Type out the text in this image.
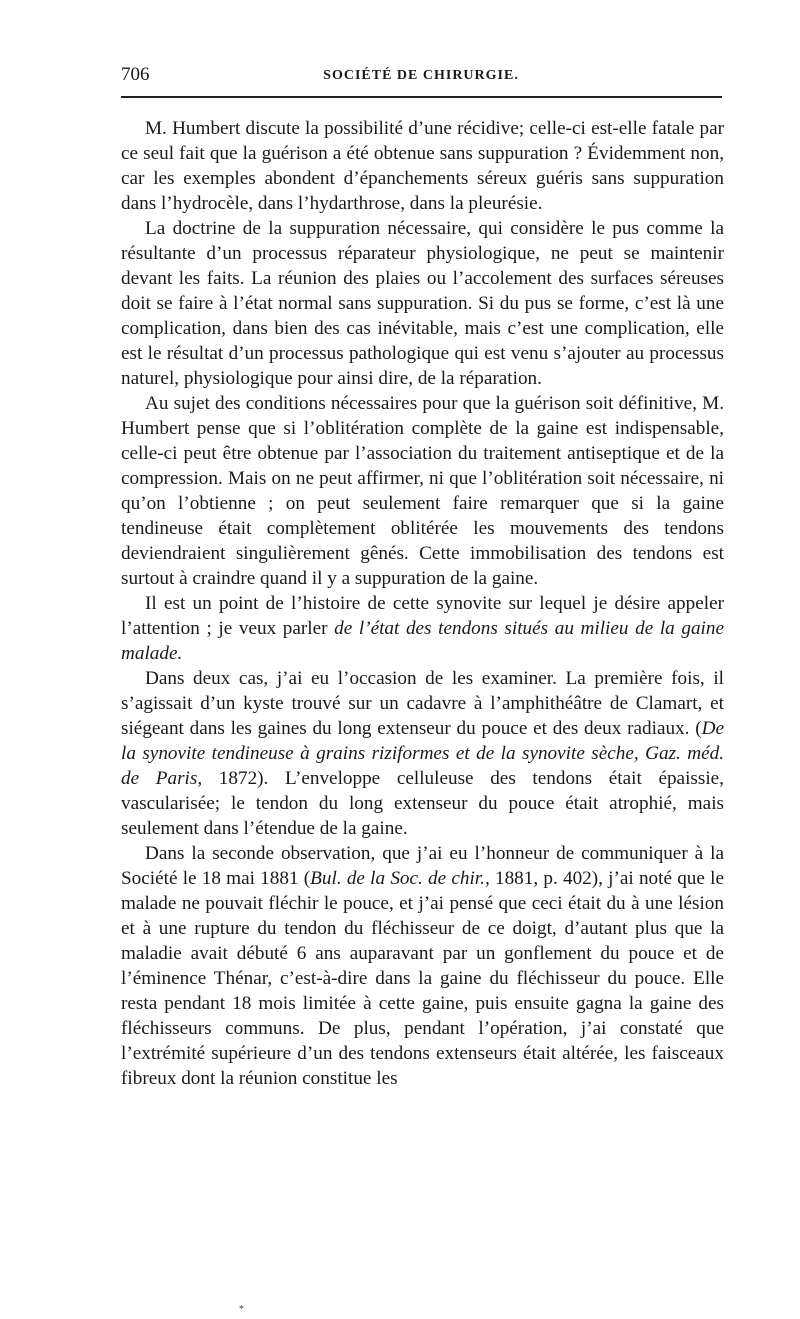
706	SOCIÉTÉ DE CHIRURGIE.

M. Humbert discute la possibilité d’une récidive; celle-ci est-elle fatale par ce seul fait que la guérison a été obtenue sans suppuration ? Évidemment non, car les exemples abondent d’épanchements séreux guéris sans suppuration dans l’hydrocèle, dans l’hydarthrose, dans la pleurésie.

La doctrine de la suppuration nécessaire, qui considère le pus comme la résultante d’un processus réparateur physiologique, ne peut se maintenir devant les faits. La réunion des plaies ou l’accolement des surfaces séreuses doit se faire à l’état normal sans suppuration. Si du pus se forme, c’est là une complication, dans bien des cas inévitable, mais c’est une complication, elle est le résultat d’un processus pathologique qui est venu s’ajouter au processus naturel, physiologique pour ainsi dire, de la réparation.

Au sujet des conditions nécessaires pour que la guérison soit définitive, M. Humbert pense que si l’oblitération complète de la gaine est indispensable, celle-ci peut être obtenue par l’association du traitement antiseptique et de la compression. Mais on ne peut affirmer, ni que l’oblitération soit nécessaire, ni qu’on l’obtienne ; on peut seulement faire remarquer que si la gaine tendineuse était complètement oblitérée les mouvements des tendons deviendraient singulièrement gênés. Cette immobilisation des tendons est surtout à craindre quand il y a suppuration de la gaine.

Il est un point de l’histoire de cette synovite sur lequel je désire appeler l’attention ; je veux parler de l’état des tendons situés au milieu de la gaine malade.

Dans deux cas, j’ai eu l’occasion de les examiner. La première fois, il s’agissait d’un kyste trouvé sur un cadavre à l’amphithéâtre de Clamart, et siégeant dans les gaines du long extenseur du pouce et des deux radiaux. (De la synovite tendineuse à grains riziformes et de la synovite sèche, Gaz. méd. de Paris, 1872). L’enveloppe celluleuse des tendons était épaissie, vascularisée; le tendon du long extenseur du pouce était atrophié, mais seulement dans l’étendue de la gaine.

Dans la seconde observation, que j’ai eu l’honneur de communiquer à la Société le 18 mai 1881 (Bul. de la Soc. de chir., 1881, p. 402), j’ai noté que le malade ne pouvait fléchir le pouce, et j’ai pensé que ceci était du à une lésion et à une rupture du tendon du fléchisseur de ce doigt, d’autant plus que la maladie avait débuté 6 ans auparavant par un gonflement du pouce et de l’éminence Thénar, c’est-à-dire dans la gaine du fléchisseur du pouce. Elle resta pendant 18 mois limitée à cette gaine, puis ensuite gagna la gaine des fléchisseurs communs. De plus, pendant l’opération, j’ai constaté que l’extrémité supérieure d’un des tendons extenseurs était altérée, les faisceaux fibreux dont la réunion constitue les

*
